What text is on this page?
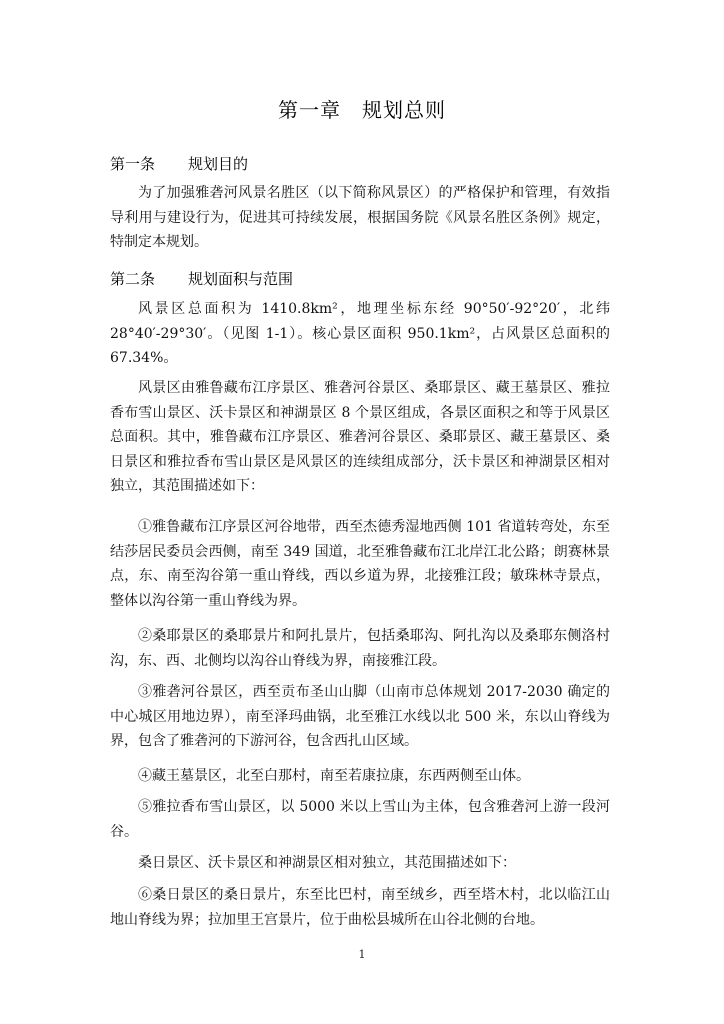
第一章　规划总则
第一条 规划目的

为了加强雅砻河风景名胜区（以下简称风景区）的严格保护和管理，有效指导利用与建设行为，促进其可持续发展，根据国务院《风景名胜区条例》规定，特制定本规划。

第二条 规划面积与范围

风景区总面积为 1410.8km²，地理坐标东经 90°50′-92°20′，北纬 28°40′-29°30′。（见图 1-1）。核心景区面积 950.1km²，占风景区总面积的 67.34%。

风景区由雅鲁藏布江序景区、雅砻河谷景区、桑耶景区、藏王墓景区、雅拉香布雪山景区、沃卡景区和神湖景区 8 个景区组成，各景区面积之和等于风景区总面积。其中，雅鲁藏布江序景区、雅砻河谷景区、桑耶景区、藏王墓景区、桑日景区和雅拉香布雪山景区是风景区的连续组成部分，沃卡景区和神湖景区相对独立，其范围描述如下：

①雅鲁藏布江序景区河谷地带，西至杰德秀湿地西侧 101 省道转弯处，东至结莎居民委员会西侧，南至 349 国道，北至雅鲁藏布江北岸江北公路；朗赛林景点，东、南至沟谷第一重山脊线，西以乡道为界，北接雅江段；敏珠林寺景点，整体以沟谷第一重山脊线为界。

②桑耶景区的桑耶景片和阿扎景片，包括桑耶沟、阿扎沟以及桑耶东侧洛村沟，东、西、北侧均以沟谷山脊线为界，南接雅江段。

③雅砻河谷景区，西至贡布圣山山脚（山南市总体规划 2017-2030 确定的中心城区用地边界），南至泽玛曲锅，北至雅江水线以北 500 米，东以山脊线为界，包含了雅砻河的下游河谷，包含西扎山区域。

④藏王墓景区，北至白那村，南至若康拉康，东西两侧至山体。

⑤雅拉香布雪山景区，以 5000 米以上雪山为主体，包含雅砻河上游一段河谷。

桑日景区、沃卡景区和神湖景区相对独立，其范围描述如下：

⑥桑日景区的桑日景片，东至比巴村，南至绒乡，西至塔木村，北以临江山地山脊线为界；拉加里王宫景片，位于曲松县城所在山谷北侧的台地。

1
